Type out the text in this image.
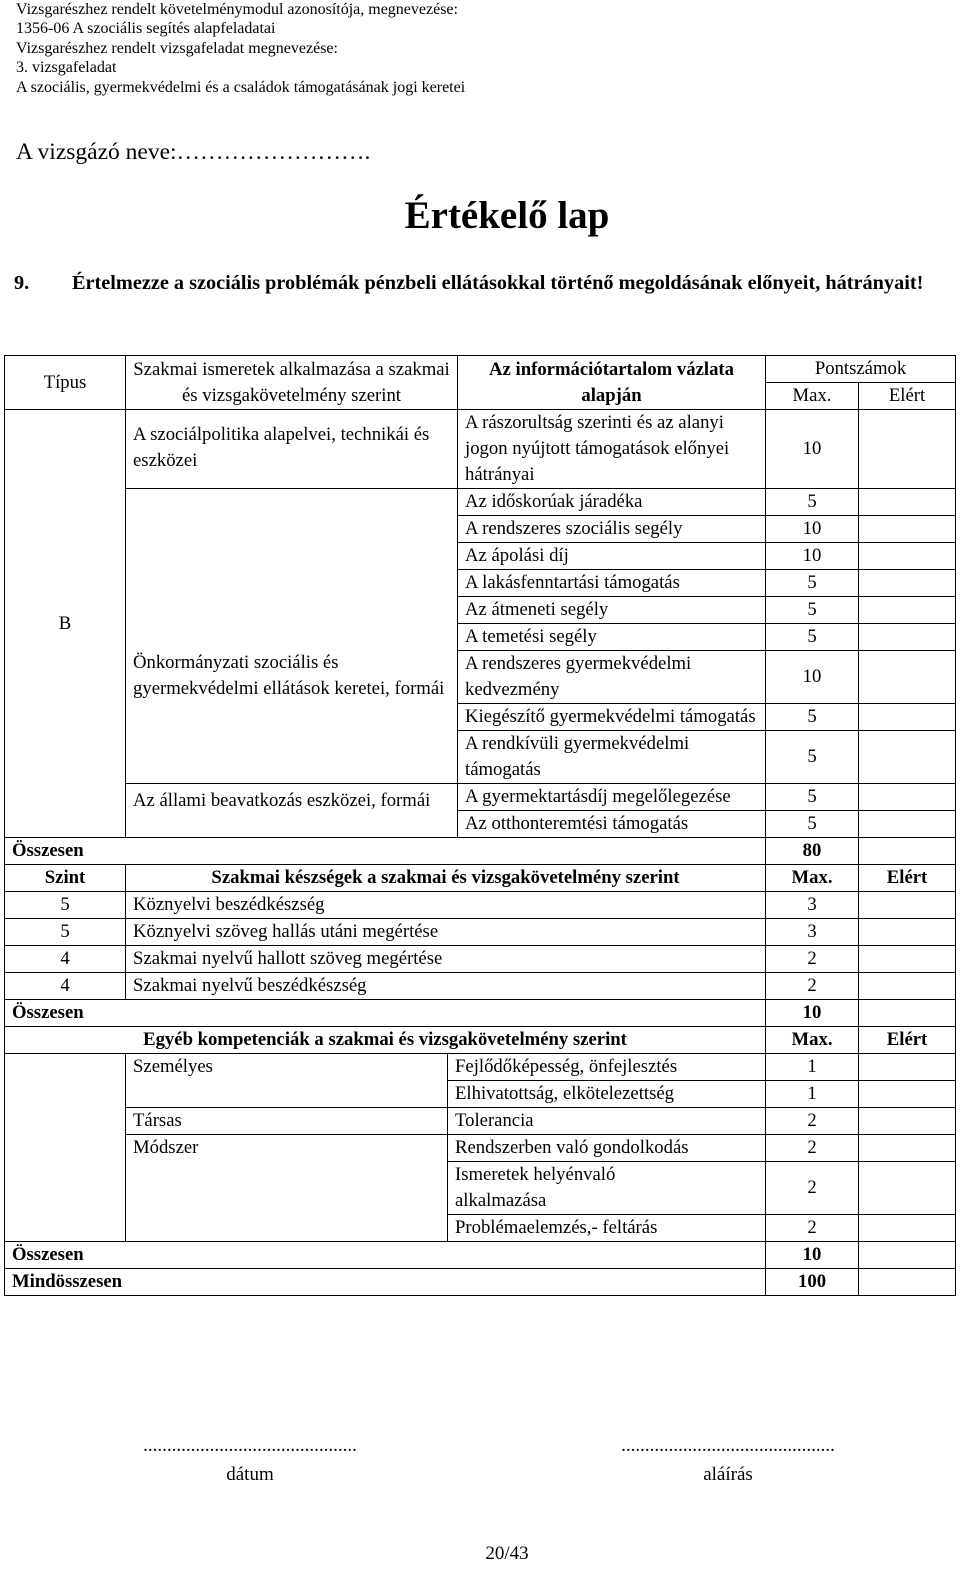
Vizsgarészhez rendelt követelménymodul azonosítója, megnevezése:
1356-06 A szociális segítés alapfeladatai
Vizsgarészhez rendelt vizsgafeladat megnevezése:
3. vizsgafeladat
A szociális, gyermekvédelmi és a családok támogatásának jogi keretei
A vizsgázó neve:…………………….
Értékelő lap
9. Értelmezze a szociális problémák pénzbeli ellátásokkal történő megoldásának előnyeit, hátrányait!
Típus	Szakmai ismeretek alkalmazása a szakmai és vizsgakövetelmény szerint		Az információtartalom vázlata alapján	Pontszámok	
				Max.	Elért
B	A szociálpolitika alapelvei, technikái és eszközei		A rászorultság szerinti és az alanyi jogon nyújtott támogatások előnyei hátrányai	10	
	Önkormányzati szociális és gyermekvédelmi ellátások keretei, formái		Az időskorúak járadéka	5	
			A rendszeres szociális segély	10	
			Az ápolási díj	10	
			A lakásfenntartási támogatás	5	
			Az átmeneti segély	5	
			A temetési segély	5	
			A rendszeres gyermekvédelmi kedvezmény	10	
			Kiegészítő gyermekvédelmi támogatás	5	
			A rendkívüli gyermekvédelmi támogatás	5	
	Az állami beavatkozás eszközei, formái		A gyermektartásdíj megelőlegezése	5	
			Az otthonteremtési támogatás	5	
Összesen				80	
Szint	Szakmai készségek a szakmai és vizsgakövetelmény szerint			Max.	Elért
5	Köznyelvi beszédkészség			3	
5	Köznyelvi szöveg hallás utáni megértése			3	
4	Szakmai nyelvű hallott szöveg megértése			2	
4	Szakmai nyelvű beszédkészség			2	
Összesen				10	
Egyéb kompetenciák a szakmai és vizsgakövetelmény szerint				Max.	Elért
	Személyes	Fejlődőképesség, önfejlesztés		1	
		Elhivatottság, elkötelezettség		1	
	Társas	Tolerancia		2	
	Módszer	Rendszerben való gondolkodás		2	
		Ismeretek helyénvaló alkalmazása		2	
		Problémaelemzés,- feltárás		2	
Összesen				10	
Mindösszesen				100	
.............................................
dátum
.............................................
aláírás
20/43
